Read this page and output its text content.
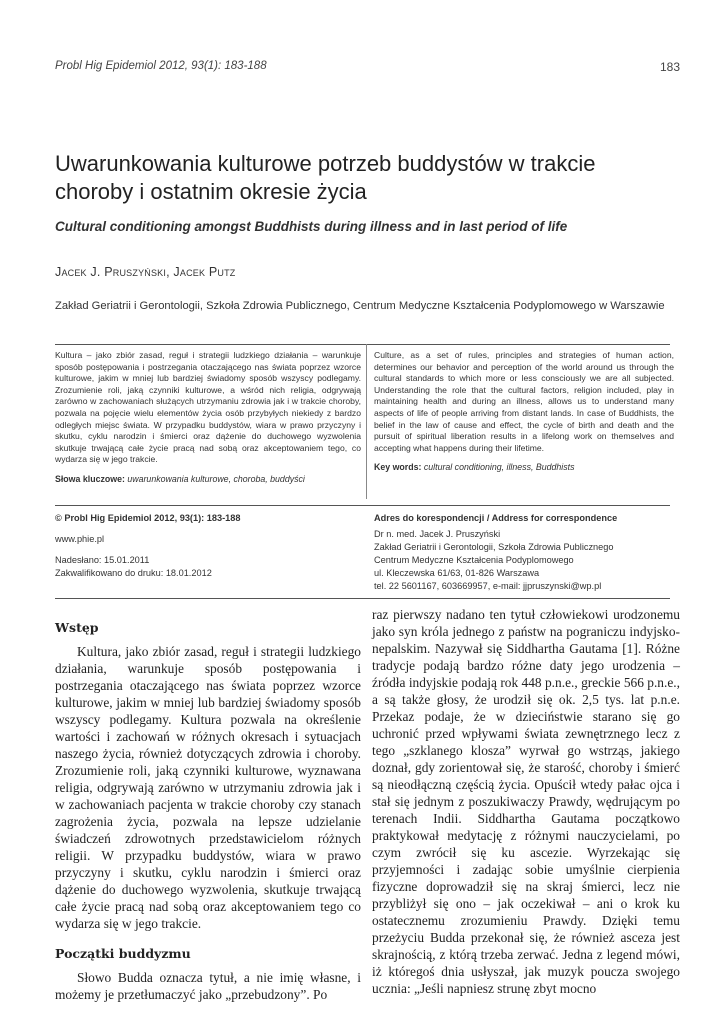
Probl Hig Epidemiol 2012, 93(1): 183-188	183
Uwarunkowania kulturowe potrzeb buddystów w trakcie choroby i ostatnim okresie życia
Cultural conditioning amongst Buddhists during illness and in last period of life
Jacek J. Pruszyński, Jacek Putz
Zakład Geriatrii i Gerontologii, Szkoła Zdrowia Publicznego, Centrum Medyczne Kształcenia Podyplomowego w Warszawie

Kultura – jako zbiór zasad, reguł i strategii ludzkiego działania – warunkuje sposób postępowania i postrzegania otaczającego nas świata poprzez wzorce kulturowe, jakim w mniej lub bardziej świadomy sposób wszyscy podlegamy. Zrozumienie roli, jaką czynniki kulturowe, a wśród nich religia, odgrywają zarówno w zachowaniach służących utrzymaniu zdrowia jak i w trakcie choroby, pozwala na pojęcie wielu elementów życia osób przybyłych niekiedy z bardzo odległych miejsc świata. W przypadku buddystów, wiara w prawo przyczyny i skutku, cyklu narodzin i śmierci oraz dążenie do duchowego wyzwolenia skutkuje trwającą całe życie pracą nad sobą oraz akceptowaniem tego, co wydarza się w jego trakcie.

Słowa kluczowe: uwarunkowania kulturowe, choroba, buddyści

Culture, as a set of rules, principles and strategies of human action, determines our behavior and perception of the world around us through the cultural standards to which more or less consciously we are all subjected. Understanding the role that the cultural factors, religion included, play in maintaining health and during an illness, allows us to understand many aspects of life of people arriving from distant lands. In case of Buddhists, the belief in the law of cause and effect, the cycle of birth and death and the pursuit of spiritual liberation results in a lifelong work on themselves and accepting what happens during their lifetime.

Key words: cultural conditioning, illness, Buddhists
© Probl Hig Epidemiol 2012, 93(1): 183-188
www.phie.pl
Nadesłano: 15.01.2011
Zakwalifikowano do druku: 18.01.2012
Adres do korespondencji / Address for correspondence
Dr n. med. Jacek J. Pruszyński
Zakład Geriatrii i Gerontologii, Szkoła Zdrowia Publicznego
Centrum Medyczne Kształcenia Podyplomowego
ul. Kleczewska 61/63, 01-826 Warszawa
tel. 22 5601167, 603669957, e-mail: jjpruszynski@wp.pl
Wstęp

Kultura, jako zbiór zasad, reguł i strategii ludzkiego działania, warunkuje sposób postępowania i postrzegania otaczającego nas świata poprzez wzorce kulturowe, jakim w mniej lub bardziej świadomy sposób wszyscy podlegamy. Kultura pozwala na określenie wartości i zachowań w różnych okresach i sytuacjach naszego życia, również dotyczących zdrowia i choroby. Zrozumienie roli, jaką czynniki kulturowe, wyznawana religia, odgrywają zarówno w utrzymaniu zdrowia jak i w zachowaniach pacjenta w trakcie choroby czy stanach zagrożenia życia, pozwala na lepsze udzielanie świadczeń zdrowotnych przedstawicielom różnych religii. W przypadku buddystów, wiara w prawo przyczyny i skutku, cyklu narodzin i śmierci oraz dążenie do duchowego wyzwolenia, skutkuje trwającą całe życie pracą nad sobą oraz akceptowaniem tego co wydarza się w jego trakcie.

Początki buddyzmu

Słowo Budda oznacza tytuł, a nie imię własne, i możemy je przetłumaczyć jako „przebudzony”. Po

raz pierwszy nadano ten tytuł człowiekowi urodzonemu jako syn króla jednego z państw na pograniczu indyjsko-nepalskim. Nazywał się Siddhartha Gautama [1]. Różne tradycje podają bardzo różne daty jego urodzenia – źródła indyjskie podają rok 448 p.n.e., greckie 566 p.n.e., a są także głosy, że urodził się ok. 2,5 tys. lat p.n.e. Przekaz podaje, że w dzieciństwie starano się go uchronić przed wpływami świata zewnętrznego lecz z tego „szklanego klosza” wyrwał go wstrząs, jakiego doznał, gdy zorientował się, że starość, choroby i śmierć są nieodłączną częścią życia. Opuścił wtedy pałac ojca i stał się jednym z poszukiwaczy Prawdy, wędrującym po terenach Indii. Siddhartha Gautama początkowo praktykował medytację z różnymi nauczycielami, po czym zwrócił się ku ascezie. Wyrzekając się przyjemności i zadając sobie umyślnie cierpienia fizyczne doprowadził się na skraj śmierci, lecz nie przybliżył się ono – jak oczekiwał – ani o krok ku ostatecznemu zrozumieniu Prawdy. Dzięki temu przeżyciu Budda przekonał się, że również asceza jest skrajnością, z którą trzeba zerwać. Jedna z legend mówi, iż któregoś dnia usłyszał, jak muzyk poucza swojego ucznia: „Jeśli napniesz strunę zbyt mocno
